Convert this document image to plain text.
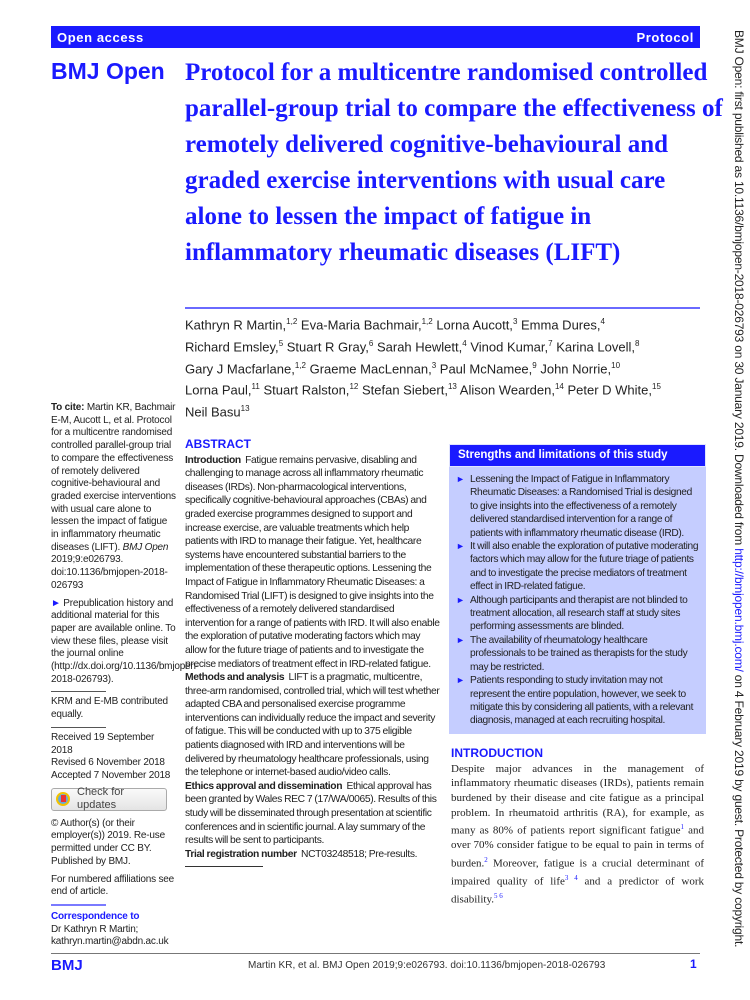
Open access	Protocol
BMJ Open Protocol for a multicentre randomised controlled parallel-group trial to compare the effectiveness of remotely delivered cognitive-behavioural and graded exercise interventions with usual care alone to lessen the impact of fatigue in inflammatory rheumatic diseases (LIFT)
Kathryn R Martin,$^{1,2}$ Eva-Maria Bachmair,$^{1,2}$ Lorna Aucott,$^3$ Emma Dures,$^4$
Richard Emsley,$^5$ Stuart R Gray,$^6$ Sarah Hewlett,$^4$ Vinod Kumar,$^7$ Karina Lovell,$^8$
Gary J Macfarlane,$^{1,2}$ Graeme MacLennan,$^3$ Paul McNamee,$^9$ John Norrie,$^{10}$
Lorna Paul,$^{11}$ Stuart Ralston,$^{12}$ Stefan Siebert,$^{13}$ Alison Wearden,$^{14}$ Peter D White,$^{15}$
Neil Basu$^{13}$

To cite: Martin KR, Bachmair E-M, Aucott L, et al. Protocol for a multicentre randomised controlled parallel-group trial to compare the effectiveness of remotely delivered cognitive-behavioural and graded exercise interventions with usual care alone to lessen the impact of fatigue in inflammatory rheumatic diseases (LIFT). BMJ Open 2019;9:e026793. doi:10.1136/bmjopen-2018-026793

► Prepublication history and additional material for this paper are available online. To view these files, please visit the journal online (http://dx.doi.org/10.1136/bmjopen-2018-026793).

KRM and E-MB contributed equally.

Received 19 September 2018
Revised 6 November 2018
Accepted 7 November 2018
Check for updates

© Author(s) (or their employer(s)) 2019. Re-use permitted under CC BY. Published by BMJ.

For numbered affiliations see end of article.

Correspondence to
Dr Kathryn R Martin;
kathryn.martin@abdn.ac.uk
ABSTRACT

Introduction Fatigue remains pervasive, disabling and challenging to manage across all inflammatory rheumatic diseases (IRDs). Non-pharmacological interventions, specifically cognitive-behavioural approaches (CBAs) and graded exercise programmes designed to support and increase exercise, are valuable treatments which help patients with IRD to manage their fatigue. Yet, healthcare systems have encountered substantial barriers to the implementation of these therapeutic options. Lessening the Impact of Fatigue in Inflammatory Rheumatic Diseases: a Randomised Trial (LIFT) is designed to give insights into the effectiveness of a remotely delivered standardised intervention for a range of patients with IRD. It will also enable the exploration of putative moderating factors which may allow for the future triage of patients and to investigate the precise mediators of treatment effect in IRD-related fatigue.

Methods and analysis LIFT is a pragmatic, multicentre, three-arm randomised, controlled trial, which will test whether adapted CBA and personalised exercise programme interventions can individually reduce the impact and severity of fatigue. This will be conducted with up to 375 eligible patients diagnosed with IRD and interventions will be delivered by rheumatology healthcare professionals, using the telephone or internet-based audio/video calls.

Ethics approval and dissemination Ethical approval has been granted by Wales REC 7 (17/WA/0065). Results of this study will be disseminated through presentation at scientific conferences and in scientific journal. A lay summary of the results will be sent to participants.

Trial registration number NCT03248518; Pre-results.

Strengths and limitations of this study
► Lessening the Impact of Fatigue in Inflammatory Rheumatic Diseases: a Randomised Trial is designed to give insights into the effectiveness of a remotely delivered standardised intervention for a range of patients with inflammatory rheumatic disease (IRD).
► It will also enable the exploration of putative moderating factors which may allow for the future triage of patients and to investigate the precise mediators of treatment effect in IRD-related fatigue.
► Although participants and therapist are not blinded to treatment allocation, all research staff at study sites performing assessments are blinded.
► The availability of rheumatology healthcare professionals to be trained as therapists for the study may be restricted.
► Patients responding to study invitation may not represent the entire population, however, we seek to mitigate this by considering all patients, with a relevant diagnosis, managed at each recruiting hospital.
INTRODUCTION

Despite major advances in the management of inflammatory rheumatic diseases (IRDs), patients remain burdened by their disease and cite fatigue as a principal problem. In rheumatoid arthritis (RA), for example, as many as 80% of patients report significant fatigue$^1$ and over 70% consider fatigue to be equal to pain in terms of burden.$^2$ Moreover, fatigue is a crucial determinant of impaired quality of life$^{3 4}$ and a predictor of work disability.$^{5 6}$

BMJ	Martin KR, et al. BMJ Open 2019;9:e026793. doi:10.1136/bmjopen-2018-026793	1
BMJ Open: first published as 10.1136/bmjopen-2018-026793 on 30 January 2019. Downloaded from http://bmjopen.bmj.com/ on 4 February 2019 by guest. Protected by copyright.
